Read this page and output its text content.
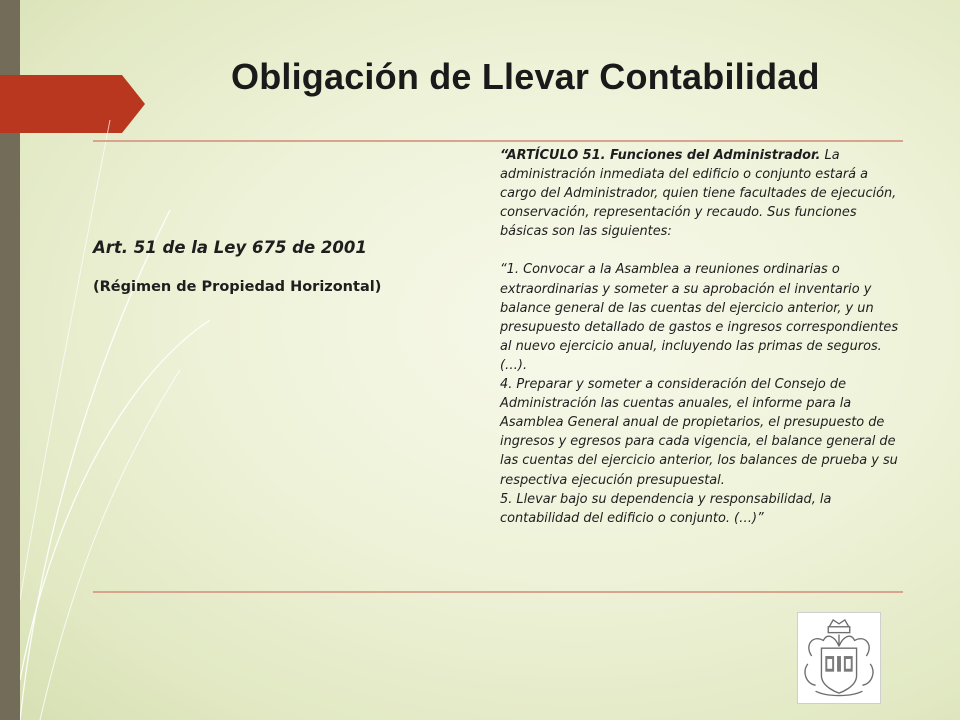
Obligación de Llevar Contabilidad

Art. 51 de la Ley 675 de 2001

(Régimen de Propiedad Horizontal)

“ARTÍCULO 51. Funciones del Administrador. La administración inmediata del edificio o conjunto estará a cargo del Administrador, quien tiene facultades de ejecución, conservación, representación y recaudo. Sus funciones básicas son las siguientes:

“1. Convocar a la Asamblea a reuniones ordinarias o extraordinarias y someter a su aprobación el inventario y balance general de las cuentas del ejercicio anterior, y un presupuesto detallado de gastos e ingresos correspondientes al nuevo ejercicio anual, incluyendo las primas de seguros. (…).

4. Preparar y someter a consideración del Consejo de Administración las cuentas anuales, el informe para la Asamblea General anual de propietarios, el presupuesto de ingresos y egresos para cada vigencia, el balance general de las cuentas del ejercicio anterior, los balances de prueba y su respectiva ejecución presupuestal.

5. Llevar bajo su dependencia y responsabilidad, la contabilidad del edificio o conjunto. (…)”
